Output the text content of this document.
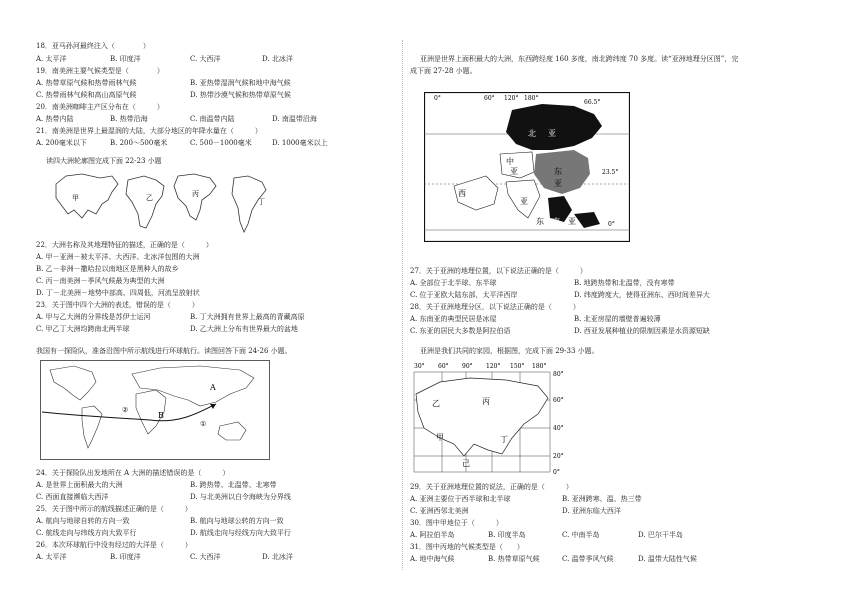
18．亚马孙河最终注入（　　　　）
A. 太平洋	B. 印度洋	C. 大西洋	D. 北冰洋
19．南美洲主要气候类型是（　　　　）
A. 热带草原气候和热带雨林气候	B. 亚热带湿润气候和地中海气候
C. 热带雨林气候和高山高原气候	D. 热带沙漠气候和热带草原气候
20．南美洲咖啡主产区分布在（　　　）
A. 热带内陆	B. 热带沿海	C. 南温带内陆	D. 南温带沿海
21．南美洲是世界上最湿润的大陆，大部分地区的年降水量在（　　　）
A. 200毫米以下	B. 200～500毫米	C. 500－1000毫米	D. 1000毫米以上
读四大洲轮廓图完成下面 22-23 小题
甲	乙	丙
丁
22．大洲名称及其地理特征的描述，正确的是（　　　）
A. 甲－亚洲－被太平洋、大西洋、北冰洋包围的大洲
B. 乙－非洲－撒哈拉以南地区是黑种人的故乡
C. 丙－南美洲－季风气候最为典型的大洲
D. 丁－北美洲－地势中部高、四周低，河流呈放射状
23．关于图中四个大洲的表述，错误的是（　　　）
A. 甲与乙大洲的分界线是苏伊士运河	B. 丁大洲拥有世界上最高的青藏高原
C. 甲乙丁大洲均跨南北两半球	D. 乙大洲上分布有世界最大的盆地
我国有一探险队，准备沿图中所示航线进行环球航行。读图回答下面 24-26 小题。
A
B
②
①
24．关于探险队出发地所在 A 大洲的描述错误的是（　　　）
A. 是世界上面积最大的大洲	B. 跨热带、北温带、北寒带
C. 西面直接濒临大西洋	D. 与北美洲以白令海峡为分界线
25．关于图中所示的航线描述正确的是（　　　）
A. 航向与地球自转的方向一致	B. 航向与地球公转的方向一致
C. 航线走向与纬线方向大致平行	D. 航线走向与经线方向大致平行
26．本次环球航行中没有经过的大洋是（　　　）
A. 太平洋	B. 印度洋	C. 大西洋	D. 北冰洋
亚洲是世界上面积最大的大洲，东西跨经度 160 多度，南北跨纬度 70 多度。读“亚洲地理分区图”，完
成下面 27-28 小题。
0°	60° 120° 180°
66.5°
23.5°
0°
北 亚
中
亚	东
亚
西
亚
东 南 亚
27．关于亚洲的地理位置，以下说法正确的是（　　　）
A. 全部位于北半球、东半球	B. 地跨热带和北温带，没有寒带
C. 位于亚欧大陆东部，太平洋西岸	D. 纬度跨度大，使得亚洲东、西时间差异大
28．关于亚洲地理分区，以下说法正确的是（　　　）
A. 东南亚的典型民居是冰屋	B. 北亚房屋的墙壁普遍较薄
C. 东亚的居民大多数是阿拉伯语	D. 西亚发展种植业的限制因素是水资源短缺
亚洲是我们共同的家园，根据图，完成下面 29-33 小题。
30° 60° 90° 120° 150° 180°
80°
60°
40°
20°
0°
乙	丙
甲	丁
己
29．关于亚洲地理位置的说法，正确的是（　　　）
A. 亚洲主要位于西半球和北半球	B. 亚洲跨寒、温、热三带
C. 亚洲西邻北美洲	D. 亚洲东临大西洋
30．图中甲地位于（　　　）
A. 阿拉伯半岛	B. 印度半岛	C. 中南半岛	D. 巴尔干半岛
31．图中丙地的气候类型是（　　）
A. 地中海气候	B. 热带草原气候	C. 温带季风气候	D. 温带大陆性气候
